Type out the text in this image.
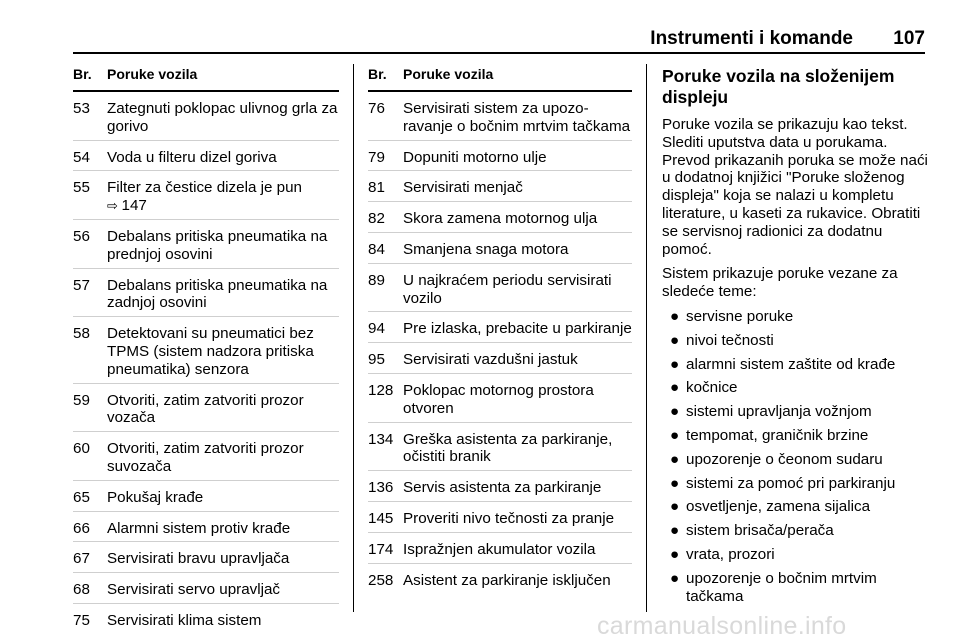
Instrumenti i komande 107
Br.	Poruke vozila
53	Zategnuti poklopac ulivnog grla za gorivo
54	Voda u filteru dizel goriva
55	Filter za čestice dizela je pun
⇨ 147
56	Debalans pritiska pneumatika na prednjoj osovini
57	Debalans pritiska pneumatika na zadnjoj osovini
58	Detektovani su pneumatici bez TPMS (sistem nadzora pritiska pneumatika) senzora
59	Otvoriti, zatim zatvoriti prozor vozača
60	Otvoriti, zatim zatvoriti prozor suvozača
65	Pokušaj krađe
66	Alarmni sistem protiv krađe
67	Servisirati bravu upravljača
68	Servisirati servo upravljač
75	Servisirati klima sistem
Br.	Poruke vozila
76	Servisirati sistem za upozo- ravanje o bočnim mrtvim tačkama
79	Dopuniti motorno ulje
81	Servisirati menjač
82	Skora zamena motornog ulja
84	Smanjena snaga motora
89	U najkraćem periodu servisirati vozilo
94	Pre izlaska, prebacite u parkiranje
95	Servisirati vazdušni jastuk
128 Poklopac motornog prostora otvoren
134 Greška asistenta za parkiranje, očistiti branik
136 Servis asistenta za parkiranje
145 Proveriti nivo tečnosti za pranje
174 Ispražnjen akumulator vozila
258 Asistent za parkiranje isključen
Poruke vozila na složenijem displeju
Poruke vozila se prikazuju kao tekst. Slediti uputstva data u porukama. Prevod prikazanih poruka se može naći u dodatnoj knjižici "Poruke složenog displeja" koja se nalazi u kompletu literature, u kaseti za rukavice. Obratiti se servisnoj radionici za dodatnu pomoć.
Sistem prikazuje poruke vezane za sledeće teme:
● servisne poruke
● nivoi tečnosti
● alarmni sistem zaštite od krađe
● kočnice
● sistemi upravljanja vožnjom
● tempomat, graničnik brzine
● upozorenje o čeonom sudaru
● sistemi za pomoć pri parkiranju
● osvetljenje, zamena sijalica
● sistem brisača/perača
● vrata, prozori
● upozorenje o bočnim mrtvim tačkama
carmanualsonline.info
